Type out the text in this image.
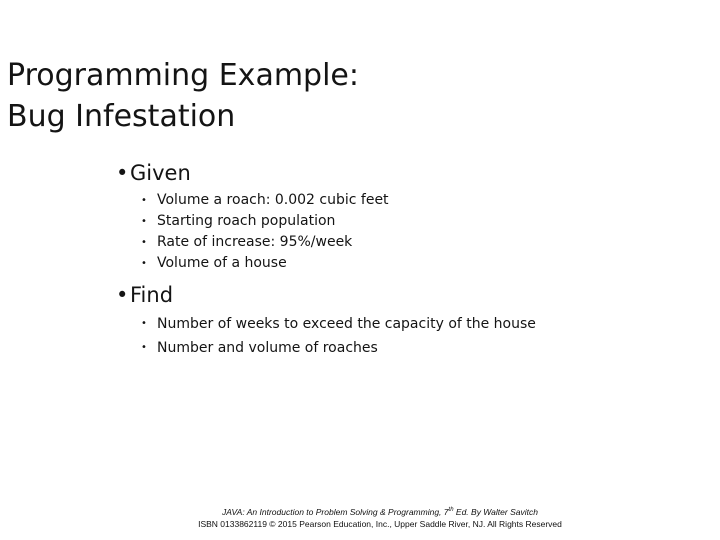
Programming Example:
Bug Infestation
•Given
• Volume a roach: 0.002 cubic feet
• Starting roach population
• Rate of increase: 95%/week
• Volume of a house
•Find
• Number of weeks to exceed the capacity of the house
• Number and volume of roaches
JAVA: An Introduction to Problem Solving & Programming, 7th Ed. By Walter Savitch
ISBN 0133862119 © 2015 Pearson Education, Inc., Upper Saddle River, NJ. All Rights Reserved
